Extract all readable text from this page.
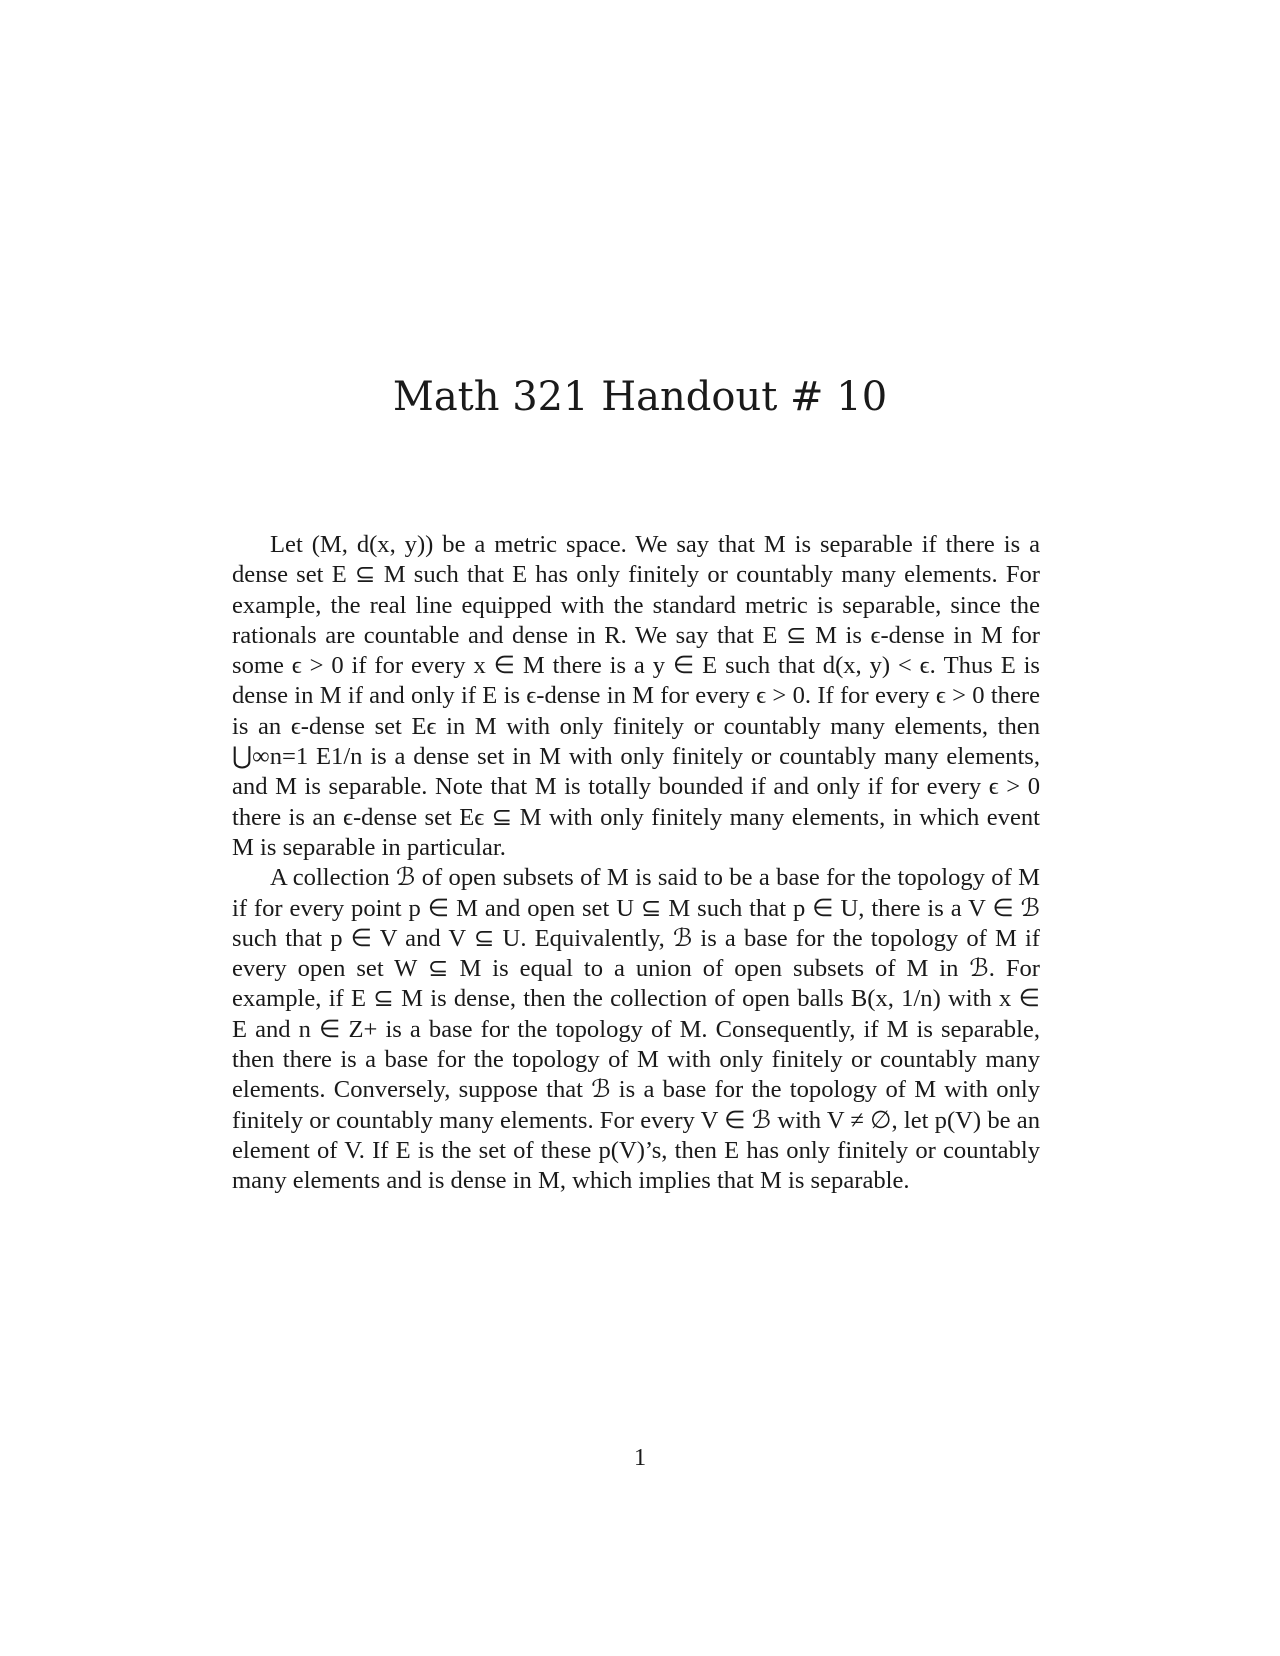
Math 321 Handout # 10

Let (M, d(x, y)) be a metric space. We say that M is separable if there is a dense set E ⊆ M such that E has only finitely or countably many elements. For example, the real line equipped with the standard metric is separable, since the rationals are countable and dense in R. We say that E ⊆ M is ϵ-dense in M for some ϵ > 0 if for every x ∈ M there is a y ∈ E such that d(x, y) < ϵ. Thus E is dense in M if and only if E is ϵ-dense in M for every ϵ > 0. If for every ϵ > 0 there is an ϵ-dense set Eϵ in M with only finitely or countably many elements, then ⋃∞n=1 E1/n is a dense set in M with only finitely or countably many elements, and M is separable. Note that M is totally bounded if and only if for every ϵ > 0 there is an ϵ-dense set Eϵ ⊆ M with only finitely many elements, in which event M is separable in particular.

A collection ℬ of open subsets of M is said to be a base for the topology of M if for every point p ∈ M and open set U ⊆ M such that p ∈ U, there is a V ∈ ℬ such that p ∈ V and V ⊆ U. Equivalently, ℬ is a base for the topology of M if every open set W ⊆ M is equal to a union of open subsets of M in ℬ. For example, if E ⊆ M is dense, then the collection of open balls B(x, 1/n) with x ∈ E and n ∈ Z+ is a base for the topology of M. Consequently, if M is separable, then there is a base for the topology of M with only finitely or countably many elements. Conversely, suppose that ℬ is a base for the topology of M with only finitely or countably many elements. For every V ∈ ℬ with V ≠ ∅, let p(V) be an element of V. If E is the set of these p(V)’s, then E has only finitely or countably many elements and is dense in M, which implies that M is separable.

1
